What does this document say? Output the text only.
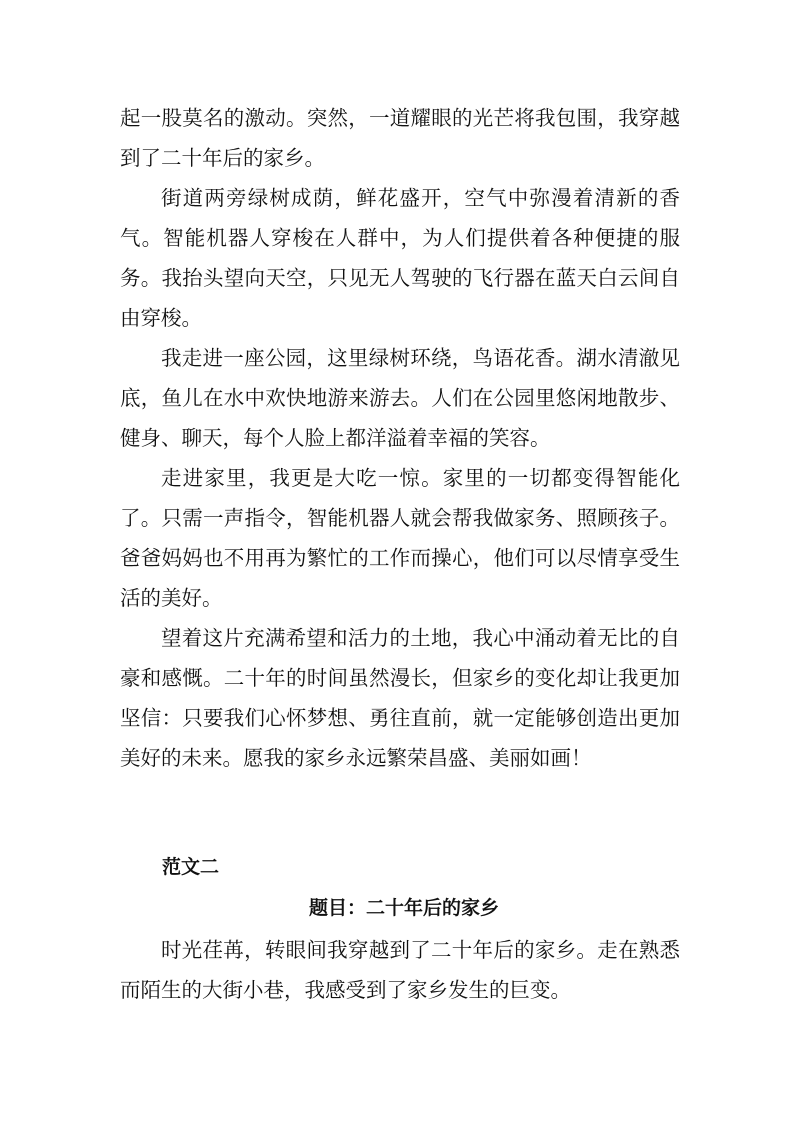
起一股莫名的激动。突然，一道耀眼的光芒将我包围，我穿越到了二十年后的家乡。

街道两旁绿树成荫，鲜花盛开，空气中弥漫着清新的香气。智能机器人穿梭在人群中，为人们提供着各种便捷的服务。我抬头望向天空，只见无人驾驶的飞行器在蓝天白云间自由穿梭。

我走进一座公园，这里绿树环绕，鸟语花香。湖水清澈见底，鱼儿在水中欢快地游来游去。人们在公园里悠闲地散步、健身、聊天，每个人脸上都洋溢着幸福的笑容。

走进家里，我更是大吃一惊。家里的一切都变得智能化了。只需一声指令，智能机器人就会帮我做家务、照顾孩子。爸爸妈妈也不用再为繁忙的工作而操心，他们可以尽情享受生活的美好。

望着这片充满希望和活力的土地，我心中涌动着无比的自豪和感慨。二十年的时间虽然漫长，但家乡的变化却让我更加坚信：只要我们心怀梦想、勇往直前，就一定能够创造出更加美好的未来。愿我的家乡永远繁荣昌盛、美丽如画！

范文二

题目：二十年后的家乡

时光荏苒，转眼间我穿越到了二十年后的家乡。走在熟悉而陌生的大街小巷，我感受到了家乡发生的巨变。
